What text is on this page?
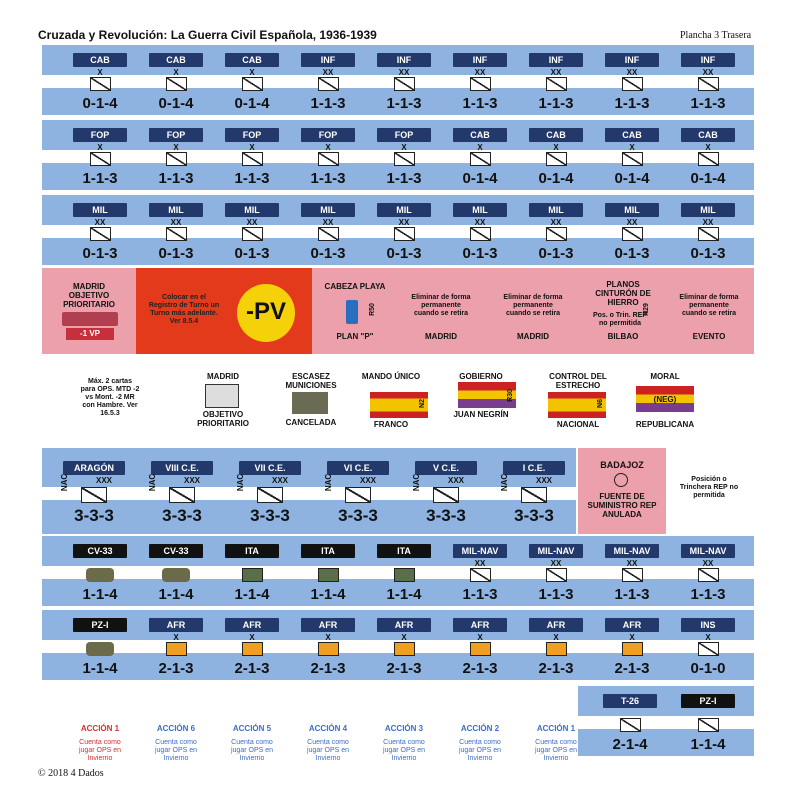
Cruzada y Revolución: La Guerra Civil Española, 1936-1939	Plancha 3 Trasera
CAB
X
0-1-4
CAB
X
0-1-4
CAB
X
0-1-4
INF
XX
1-1-3
INF
XX
1-1-3
INF
XX
1-1-3
INF
XX
1-1-3
INF
XX
1-1-3
INF
XX
1-1-3
FOP
X
1-1-3
FOP
X
1-1-3
FOP
X
1-1-3
FOP
X
1-1-3
FOP
X
1-1-3
CAB
X
0-1-4
CAB
X
0-1-4
CAB
X
0-1-4
CAB
X
0-1-4
MIL
XX
0-1-3
MIL
XX
0-1-3
MIL
XX
0-1-3
MIL
XX
0-1-3
MIL
XX
0-1-3
MIL
XX
0-1-3
MIL
XX
0-1-3
MIL
XX
0-1-3
MIL
XX
0-1-3
MADRID OBJETIVO PRIORITARIO
-1 VP
Colocar en el Registro de Turno un Turno más adelante. Ver 8.5.4	-PV
CABEZA PLAYA
R50
PLAN "P"
Eliminar de forma permanente cuando se retira
MADRID
Eliminar de forma permanente cuando se retira
MADRID
PLANOS CINTURÓN DE HIERRO
Pos. o Trin. REP no permitida
N29
BILBAO
Eliminar de forma permanente cuando se retira
EVENTO
Máx. 2 cartas para OPS. MTD -2 vs Mont. -2 MR con Hambre. Ver 16.5.3
MADRID
OBJETIVO PRIORITARIO
ESCASEZ MUNICIONES
CANCELADA
MANDO ÚNICO
N2
FRANCO
GOBIERNO
R30
JUAN NEGRÍN
CONTROL DEL ESTRECHO
N6
NACIONAL
MORAL
(NEG)
REPUBLICANA
ARAGÓN
XXX
3-3-3
NAC
VIII C.E.
XXX
3-3-3
NAC
VII C.E.
XXX
3-3-3
NAC
VI C.E.
XXX
3-3-3
NAC
V C.E.
XXX
3-3-3
NAC
I C.E.
XXX
3-3-3
NAC
BADAJOZ
FUENTE DE SUMINISTRO REP ANULADA
Posición o Trinchera REP no permitida
CV-33
1-1-4
CV-33
1-1-4
ITA
1-1-4
ITA
1-1-4
ITA
1-1-4
MIL-NAV
XX
1-1-3
MIL-NAV
XX
1-1-3
MIL-NAV
XX
1-1-3
MIL-NAV
XX
1-1-3
PZ-I
1-1-4
AFR
X
2-1-3
AFR
X
2-1-3
AFR
X
2-1-3
AFR
X
2-1-3
AFR
X
2-1-3
AFR
X
2-1-3
AFR
X
2-1-3
INS
X
0-1-0
ACCIÓN 1
Cuenta como jugar OPS en Invierno
ACCIÓN 6
Cuenta como jugar OPS en Invierno
ACCIÓN 5
Cuenta como jugar OPS en Invierno
ACCIÓN 4
Cuenta como jugar OPS en Invierno
ACCIÓN 3
Cuenta como jugar OPS en Invierno
ACCIÓN 2
Cuenta como jugar OPS en Invierno
ACCIÓN 1
Cuenta como jugar OPS en Invierno
T-26
2-1-4
PZ-I
1-1-4
© 2018 4 Dados
